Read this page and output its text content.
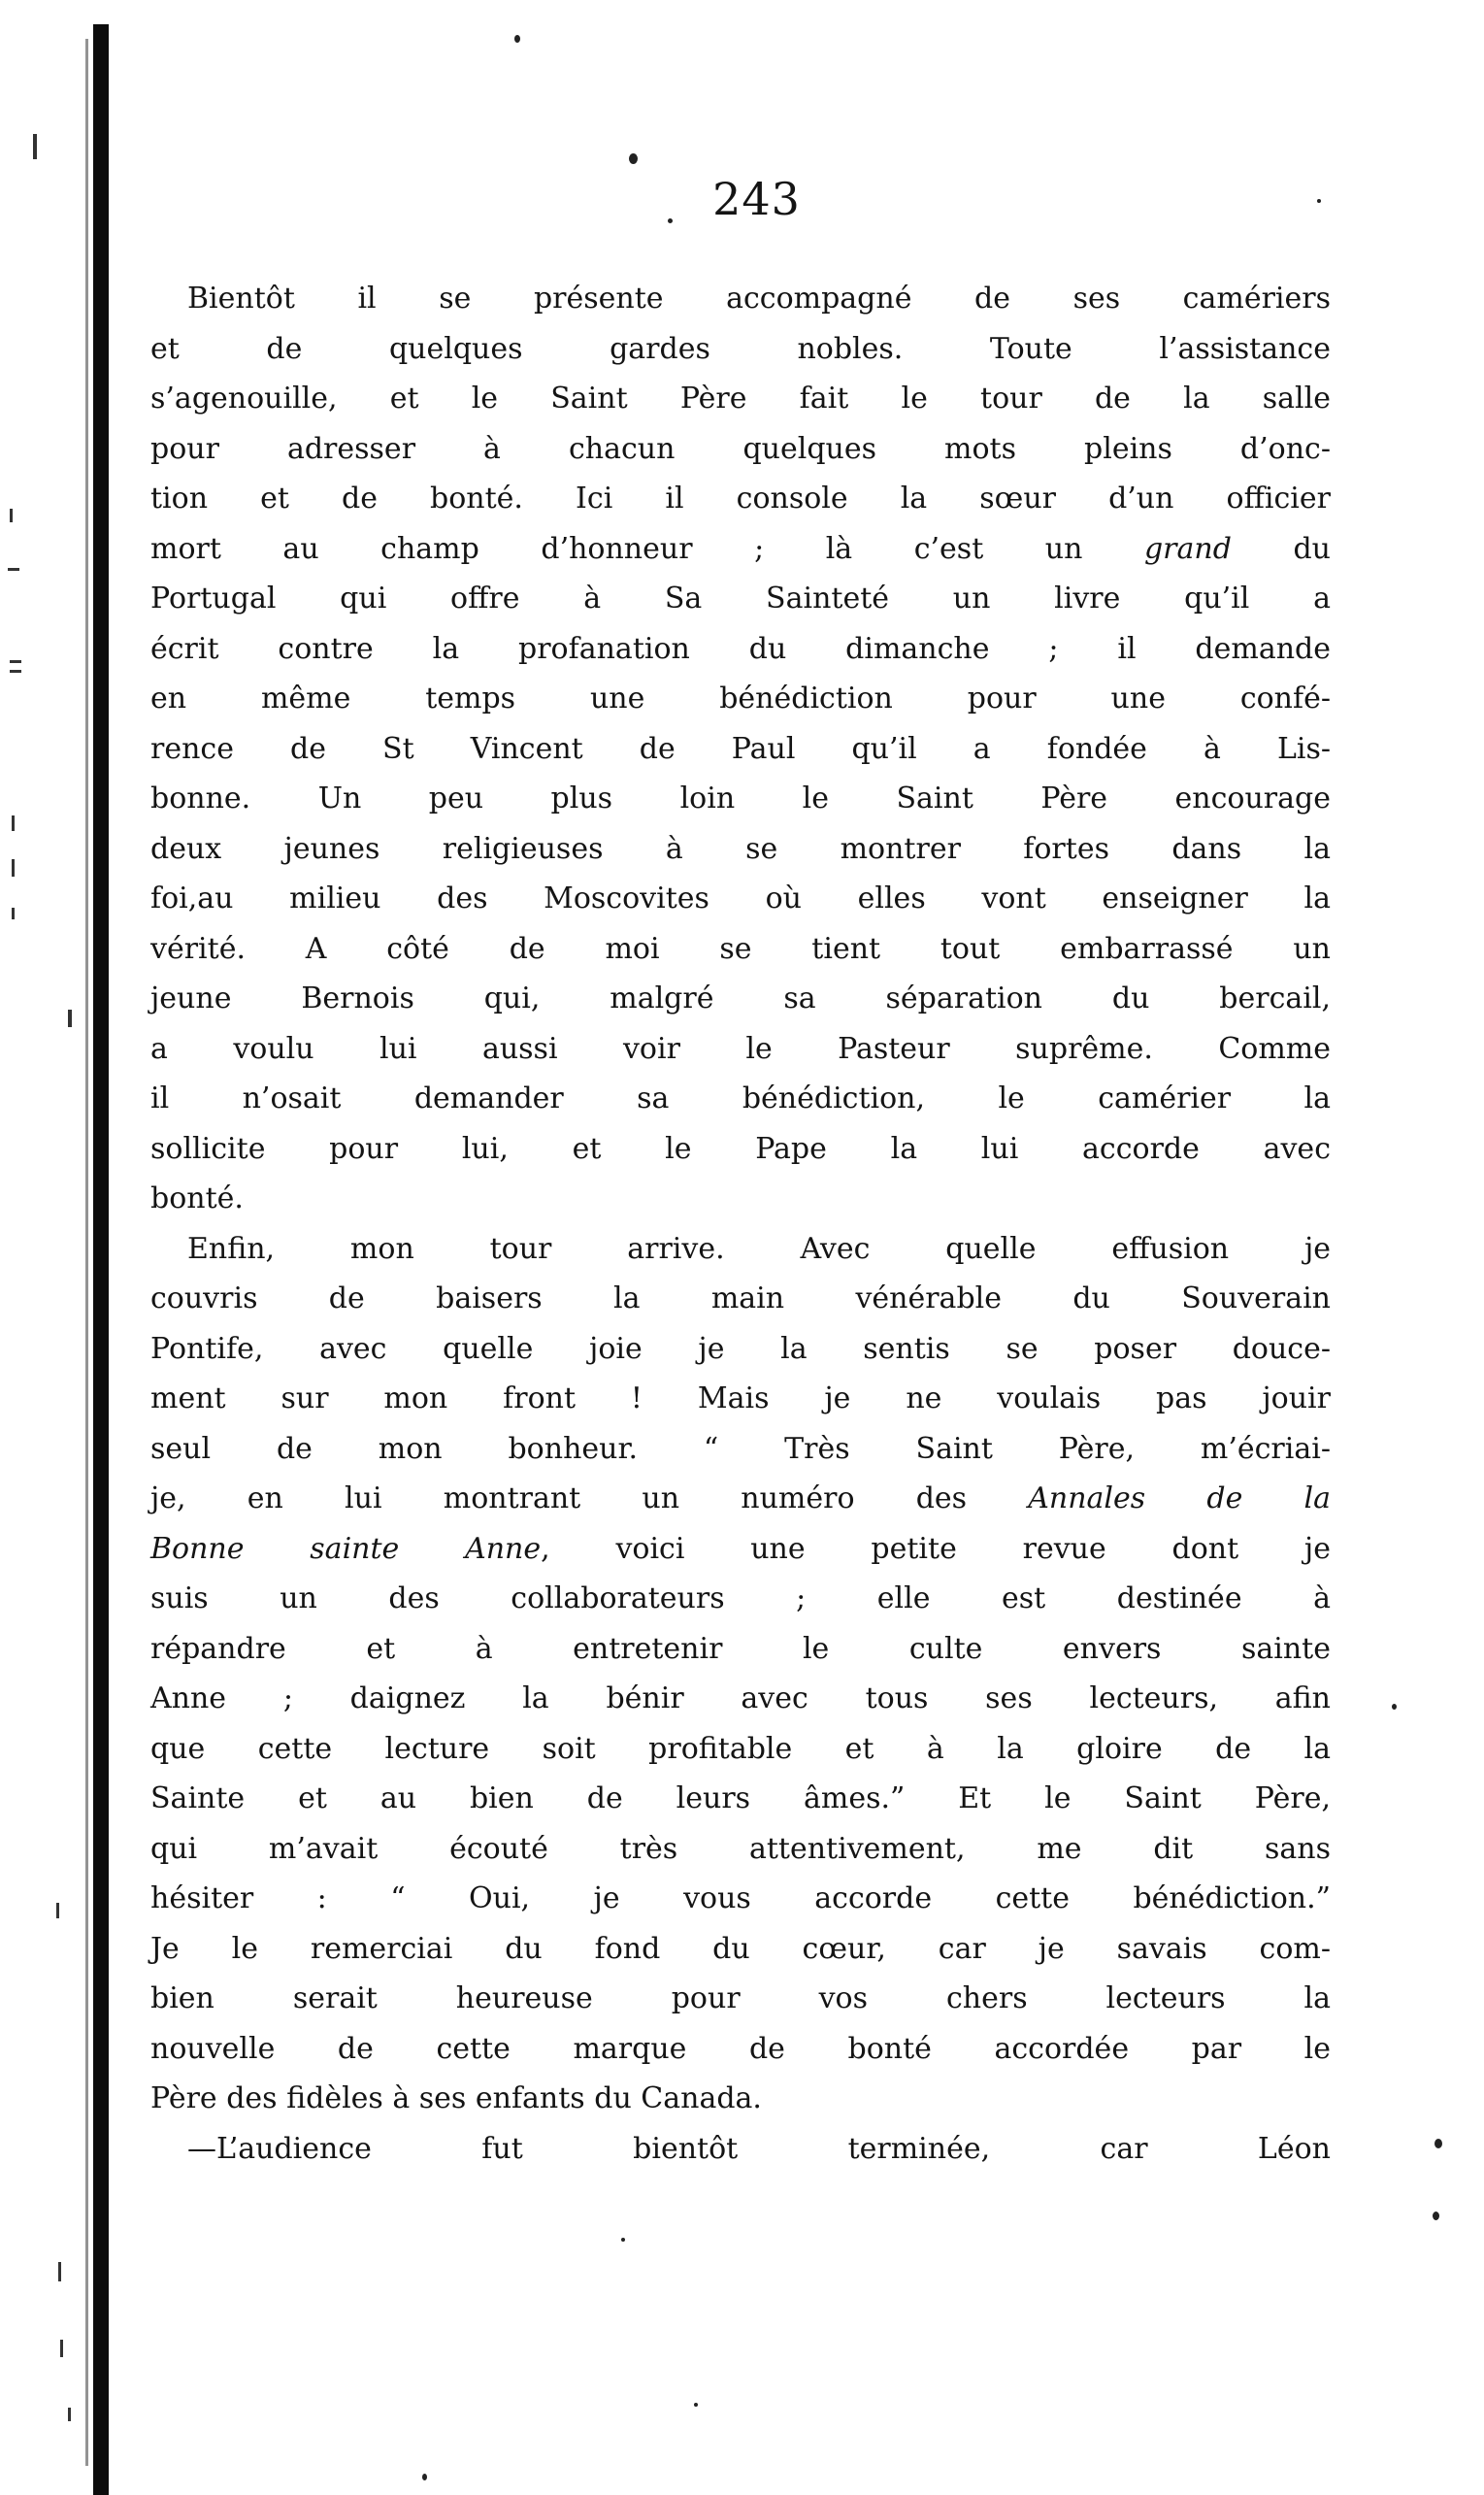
243
Bientôt il se présente accompagné de ses camériers
et de quelques gardes nobles. Toute l’assistance
s’agenouille, et le Saint Père fait le tour de la salle
pour adresser à chacun quelques mots pleins d’onc-
tion et de bonté. Ici il console la sœur d’un officier
mort au champ d’honneur ; là c’est un grand du
Portugal qui offre à Sa Sainteté un livre qu’il a
écrit contre la profanation du dimanche ; il demande
en même temps une bénédiction pour une confé-
rence de St Vincent de Paul qu’il a fondée à Lis-
bonne. Un peu plus loin le Saint Père encourage
deux jeunes religieuses à se montrer fortes dans la
foi,au milieu des Moscovites où elles vont enseigner la
vérité. A côté de moi se tient tout embarrassé un
jeune Bernois qui, malgré sa séparation du bercail,
a voulu lui aussi voir le Pasteur suprême. Comme
il n’osait demander sa bénédiction, le camérier la
sollicite pour lui, et le Pape la lui accorde avec
bonté.
Enfin, mon tour arrive. Avec quelle effusion je
couvris de baisers la main vénérable du Souverain
Pontife, avec quelle joie je la sentis se poser douce-
ment sur mon front ! Mais je ne voulais pas jouir
seul de mon bonheur. “ Très Saint Père, m’écriai-
je, en lui montrant un numéro des Annales de la
Bonne sainte Anne, voici une petite revue dont je
suis un des collaborateurs ; elle est destinée à
répandre et à entretenir le culte envers sainte
Anne ; daignez la bénir avec tous ses lecteurs, afin
que cette lecture soit profitable et à la gloire de la
Sainte et au bien de leurs âmes.” Et le Saint Père,
qui m’avait écouté très attentivement, me dit sans
hésiter : “ Oui, je vous accorde cette bénédiction.”
Je le remerciai du fond du cœur, car je savais com-
bien serait heureuse pour vos chers lecteurs la
nouvelle de cette marque de bonté accordée par le
Père des fidèles à ses enfants du Canada.
—L’audience fut bientôt terminée, car Léon
